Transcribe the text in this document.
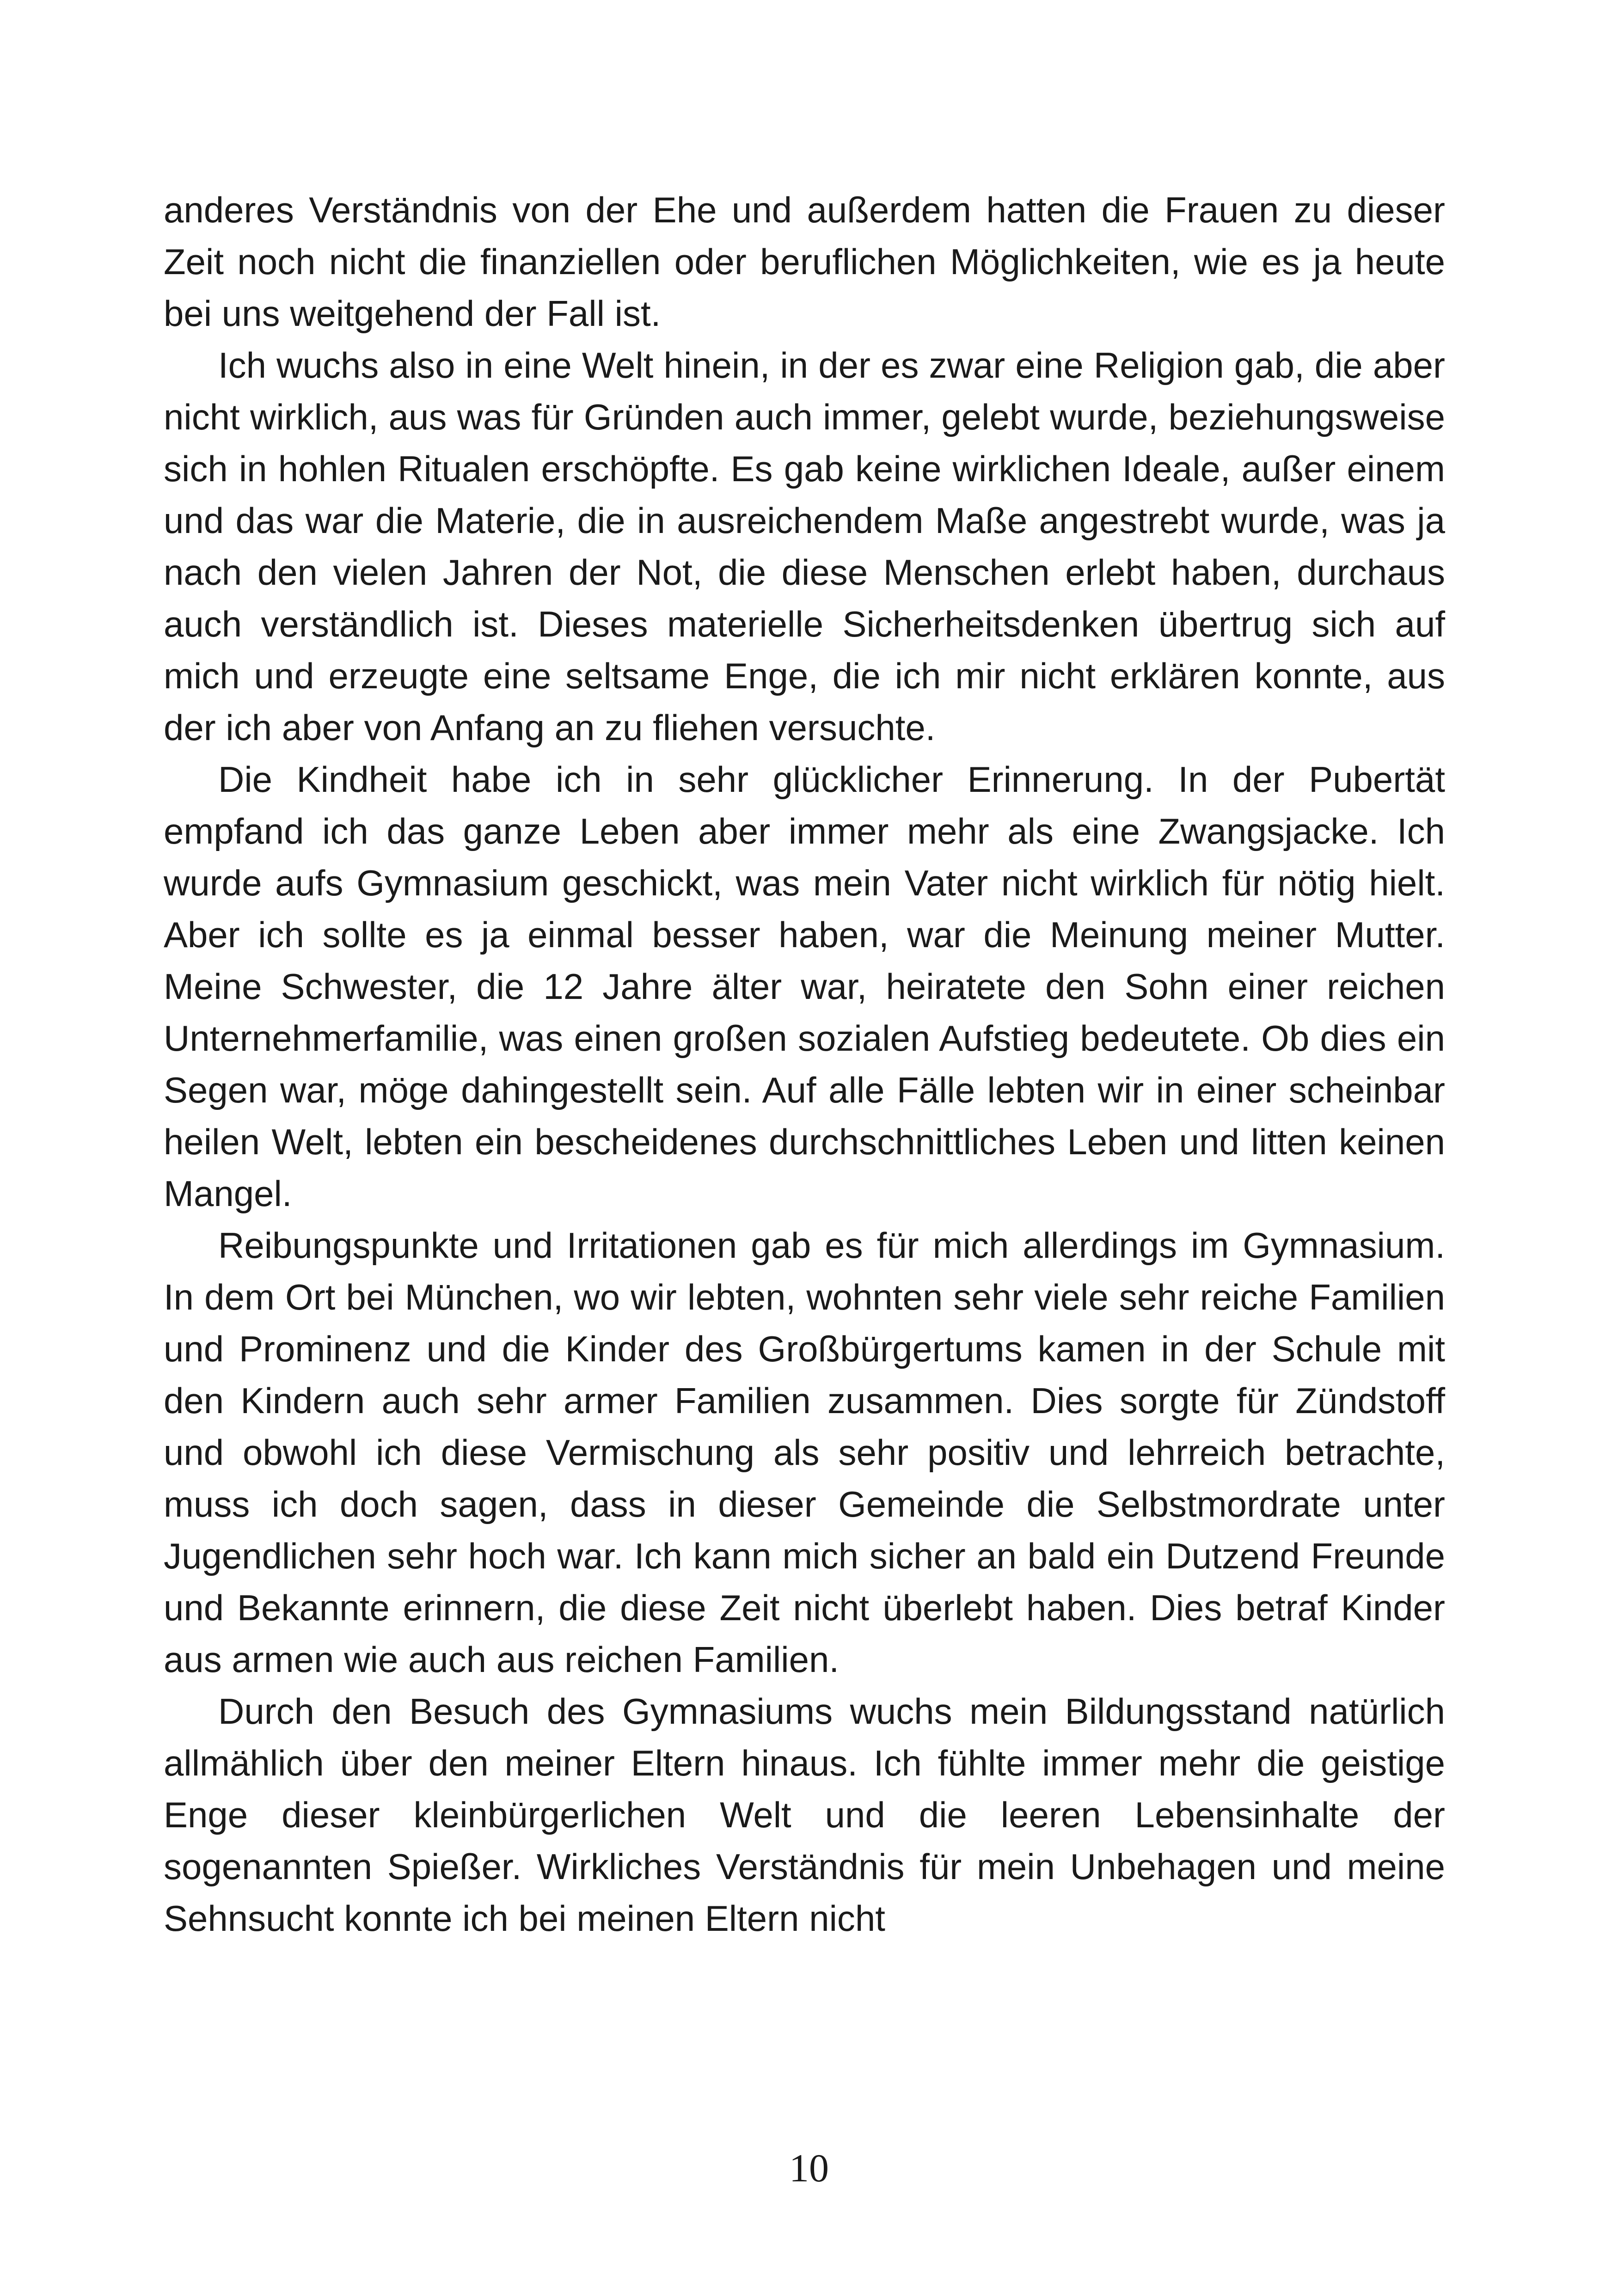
anderes Verständnis von der Ehe und außerdem hatten die Frauen zu dieser Zeit noch nicht die finanziellen oder beruflichen Möglichkeiten, wie es ja heute bei uns weitgehend der Fall ist.

Ich wuchs also in eine Welt hinein, in der es zwar eine Religion gab, die aber nicht wirklich, aus was für Gründen auch immer, gelebt wurde, beziehungsweise sich in hohlen Ritualen erschöpfte. Es gab keine wirklichen Ideale, außer einem und das war die Materie, die in ausreichendem Maße angestrebt wurde, was ja nach den vielen Jahren der Not, die diese Menschen erlebt haben, durchaus auch verständlich ist. Dieses materielle Sicherheitsdenken übertrug sich auf mich und erzeugte eine seltsame Enge, die ich mir nicht erklären konnte, aus der ich aber von Anfang an zu fliehen versuchte.

Die Kindheit habe ich in sehr glücklicher Erinnerung. In der Pubertät empfand ich das ganze Leben aber immer mehr als eine Zwangsjacke. Ich wurde aufs Gymnasium geschickt, was mein Vater nicht wirklich für nötig hielt. Aber ich sollte es ja einmal besser haben, war die Meinung meiner Mutter. Meine Schwester, die 12 Jahre älter war, heiratete den Sohn einer reichen Unternehmerfamilie, was einen großen sozialen Aufstieg bedeutete. Ob dies ein Segen war, möge dahingestellt sein. Auf alle Fälle lebten wir in einer scheinbar heilen Welt, lebten ein bescheidenes durchschnittliches Leben und litten keinen Mangel.

Reibungspunkte und Irritationen gab es für mich allerdings im Gymnasium. In dem Ort bei München, wo wir lebten, wohnten sehr viele sehr reiche Familien und Prominenz und die Kinder des Großbürgertums kamen in der Schule mit den Kindern auch sehr armer Familien zusammen. Dies sorgte für Zündstoff und obwohl ich diese Vermischung als sehr positiv und lehrreich betrachte, muss ich doch sagen, dass in dieser Gemeinde die Selbstmordrate unter Jugendlichen sehr hoch war. Ich kann mich sicher an bald ein Dutzend Freunde und Bekannte erinnern, die diese Zeit nicht überlebt haben. Dies betraf Kinder aus armen wie auch aus reichen Familien.

Durch den Besuch des Gymnasiums wuchs mein Bildungsstand natürlich allmählich über den meiner Eltern hinaus. Ich fühlte immer mehr die geistige Enge dieser kleinbürgerlichen Welt und die leeren Lebensinhalte der sogenannten Spießer. Wirkliches Verständnis für mein Unbehagen und meine Sehnsucht konnte ich bei meinen Eltern nicht

10
